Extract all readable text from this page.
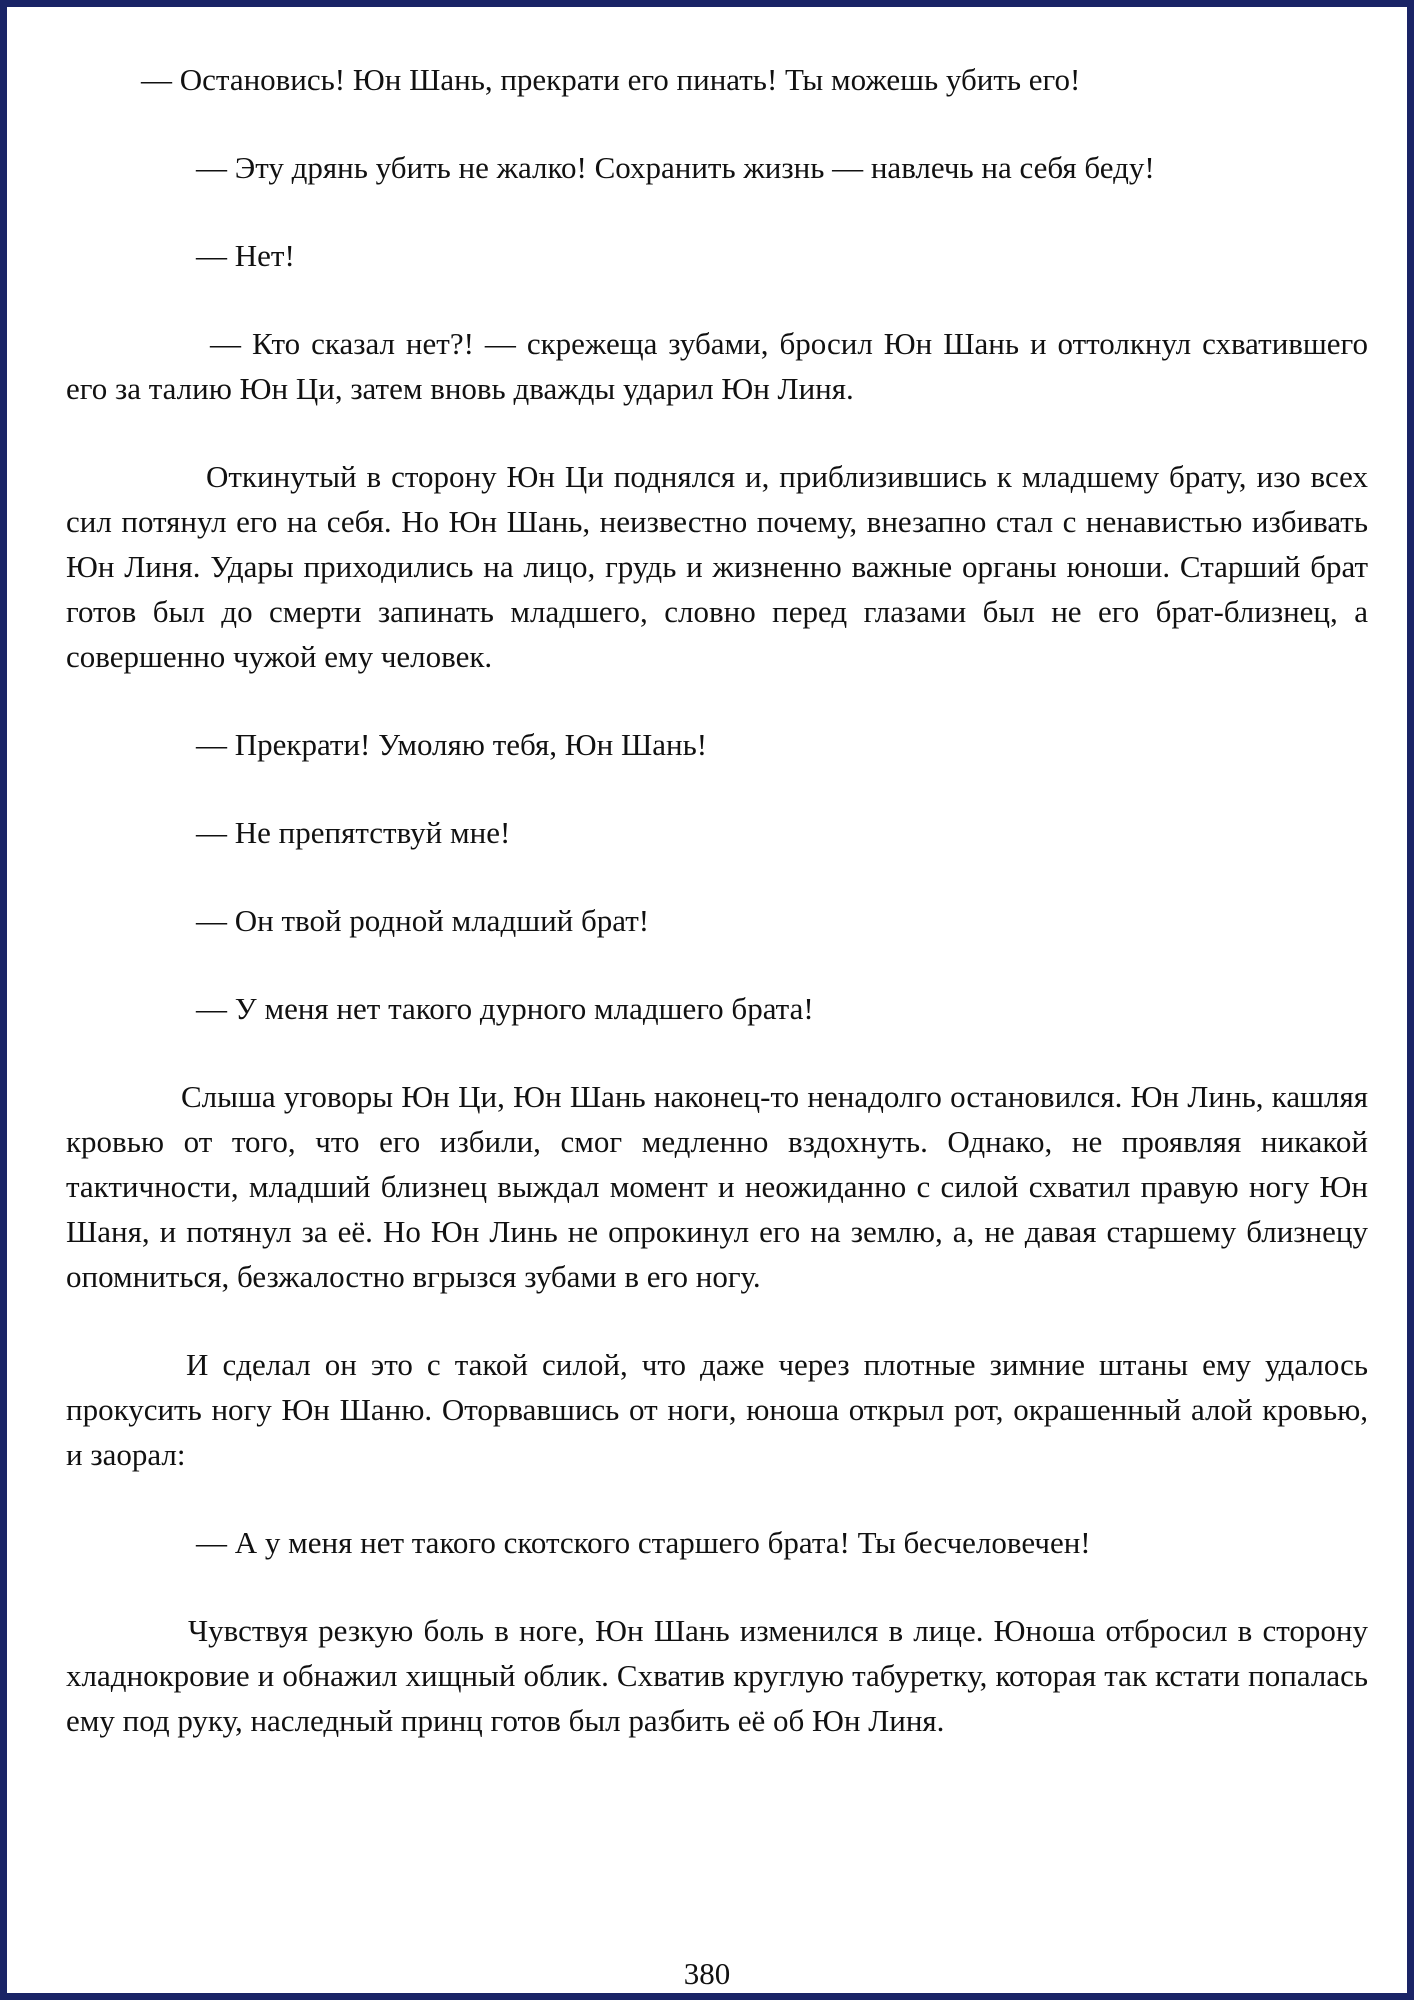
— Остановись! Юн Шань, прекрати его пинать! Ты можешь убить его!

— Эту дрянь убить не жалко! Сохранить жизнь — навлечь на себя беду!

— Нет!

— Кто сказал нет?! — скрежеща зубами, бросил Юн Шань и оттолкнул схватившего его за талию Юн Ци, затем вновь дважды ударил Юн Линя.

Откинутый в сторону Юн Ци поднялся и, приблизившись к младшему брату, изо всех сил потянул его на себя. Но Юн Шань, неизвестно почему, внезапно стал с ненавистью избивать Юн Линя. Удары приходились на лицо, грудь и жизненно важные органы юноши. Старший брат готов был до смерти запинать младшего, словно перед глазами был не его брат-близнец, а совершенно чужой ему человек.

— Прекрати! Умоляю тебя, Юн Шань!

— Не препятствуй мне!

— Он твой родной младший брат!

— У меня нет такого дурного младшего брата!

Слыша уговоры Юн Ци, Юн Шань наконец-то ненадолго остановился. Юн Линь, кашляя кровью от того, что его избили, смог медленно вздохнуть. Однако, не проявляя никакой тактичности, младший близнец выждал момент и неожиданно с силой схватил правую ногу Юн Шаня, и потянул за её. Но Юн Линь не опрокинул его на землю, а, не давая старшему близнецу опомниться, безжалостно вгрызся зубами в его ногу.

И сделал он это с такой силой, что даже через плотные зимние штаны ему удалось прокусить ногу Юн Шаню. Оторвавшись от ноги, юноша открыл рот, окрашенный алой кровью, и заорал:

— А у меня нет такого скотского старшего брата! Ты бесчеловечен!

Чувствуя резкую боль в ноге, Юн Шань изменился в лице. Юноша отбросил в сторону хладнокровие и обнажил хищный облик. Схватив круглую табуретку, которая так кстати попалась ему под руку, наследный принц готов был разбить её об Юн Линя.

380
